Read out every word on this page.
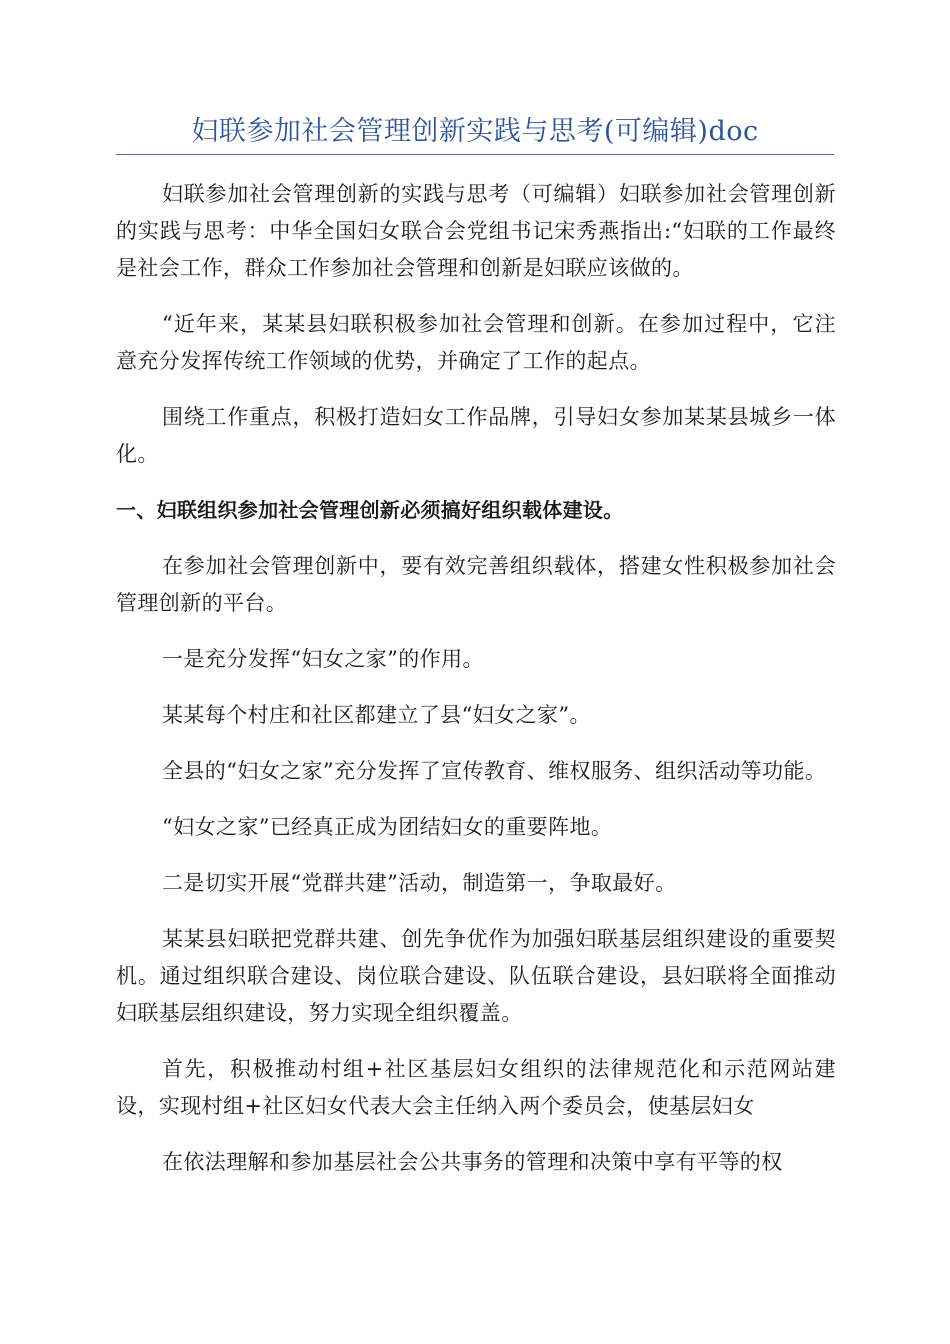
妇联参加社会管理创新实践与思考(可编辑)doc

妇联参加社会管理创新的实践与思考（可编辑）妇联参加社会管理创新的实践与思考：中华全国妇女联合会党组书记宋秀燕指出:“妇联的工作最终是社会工作，群众工作参加社会管理和创新是妇联应该做的。

“近年来，某某县妇联积极参加社会管理和创新。在参加过程中，它注意充分发挥传统工作领域的优势，并确定了工作的起点。

围绕工作重点，积极打造妇女工作品牌，引导妇女参加某某县城乡一体化。

一、妇联组织参加社会管理创新必须搞好组织载体建设。

在参加社会管理创新中，要有效完善组织载体，搭建女性积极参加社会管理创新的平台。

一是充分发挥“妇女之家”的作用。

某某每个村庄和社区都建立了县“妇女之家”。

全县的“妇女之家”充分发挥了宣传教育、维权服务、组织活动等功能。

“妇女之家”已经真正成为团结妇女的重要阵地。

二是切实开展“党群共建”活动，制造第一，争取最好。

某某县妇联把党群共建、创先争优作为加强妇联基层组织建设的重要契机。通过组织联合建设、岗位联合建设、队伍联合建设，县妇联将全面推动妇联基层组织建设，努力实现全组织覆盖。

首先，积极推动村组+社区基层妇女组织的法律规范化和示范网站建设，实现村组+社区妇女代表大会主任纳入两个委员会，使基层妇女

在依法理解和参加基层社会公共事务的管理和决策中享有平等的权
